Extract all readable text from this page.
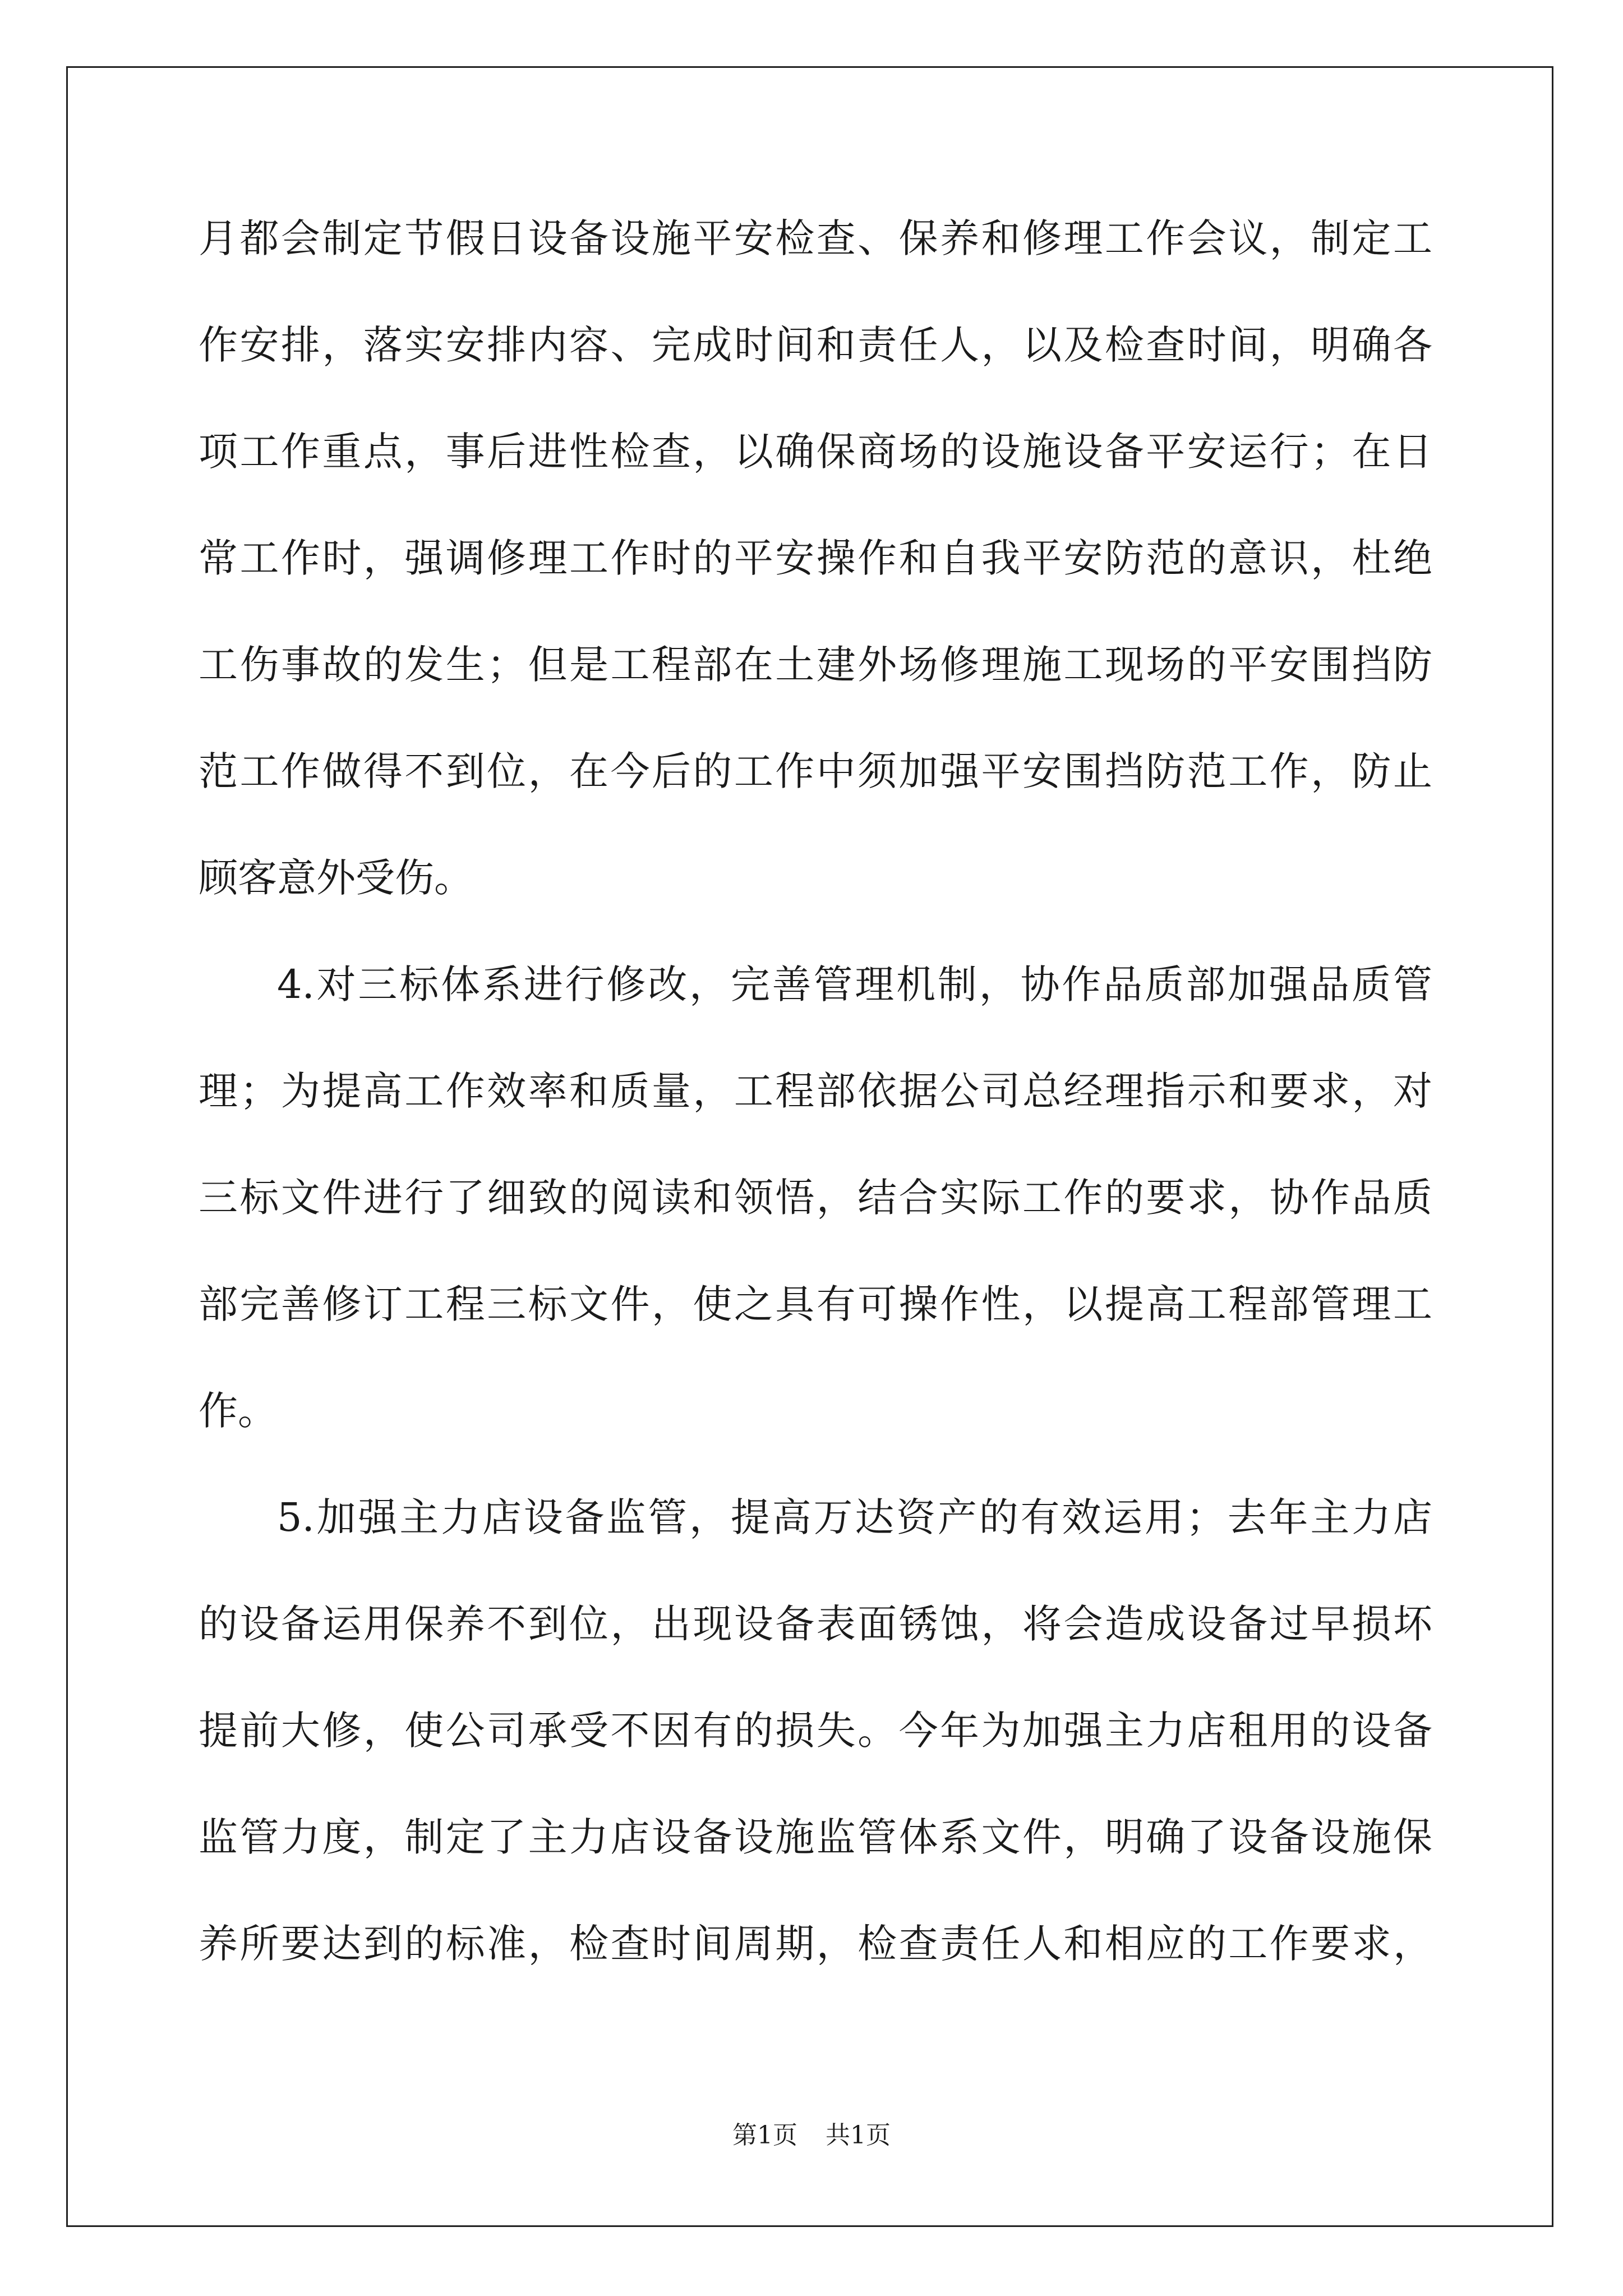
月都会制定节假日设备设施平安检查、保养和修理工作会议，制定工
作安排，落实安排内容、完成时间和责任人，以及检查时间，明确各
项工作重点，事后进性检查，以确保商场的设施设备平安运行；在日
常工作时，强调修理工作时的平安操作和自我平安防范的意识，杜绝
工伤事故的发生；但是工程部在土建外场修理施工现场的平安围挡防
范工作做得不到位，在今后的工作中须加强平安围挡防范工作，防止
顾客意外受伤。
4.对三标体系进行修改，完善管理机制，协作品质部加强品质管
理；为提高工作效率和质量，工程部依据公司总经理指示和要求，对
三标文件进行了细致的阅读和领悟，结合实际工作的要求，协作品质
部完善修订工程三标文件，使之具有可操作性，以提高工程部管理工
作。
5.加强主力店设备监管，提高万达资产的有效运用；去年主力店
的设备运用保养不到位，出现设备表面锈蚀，将会造成设备过早损坏
提前大修，使公司承受不因有的损失。今年为加强主力店租用的设备
监管力度，制定了主力店设备设施监管体系文件，明确了设备设施保
养所要达到的标准，检查时间周期，检查责任人和相应的工作要求，
第1页 共1页
